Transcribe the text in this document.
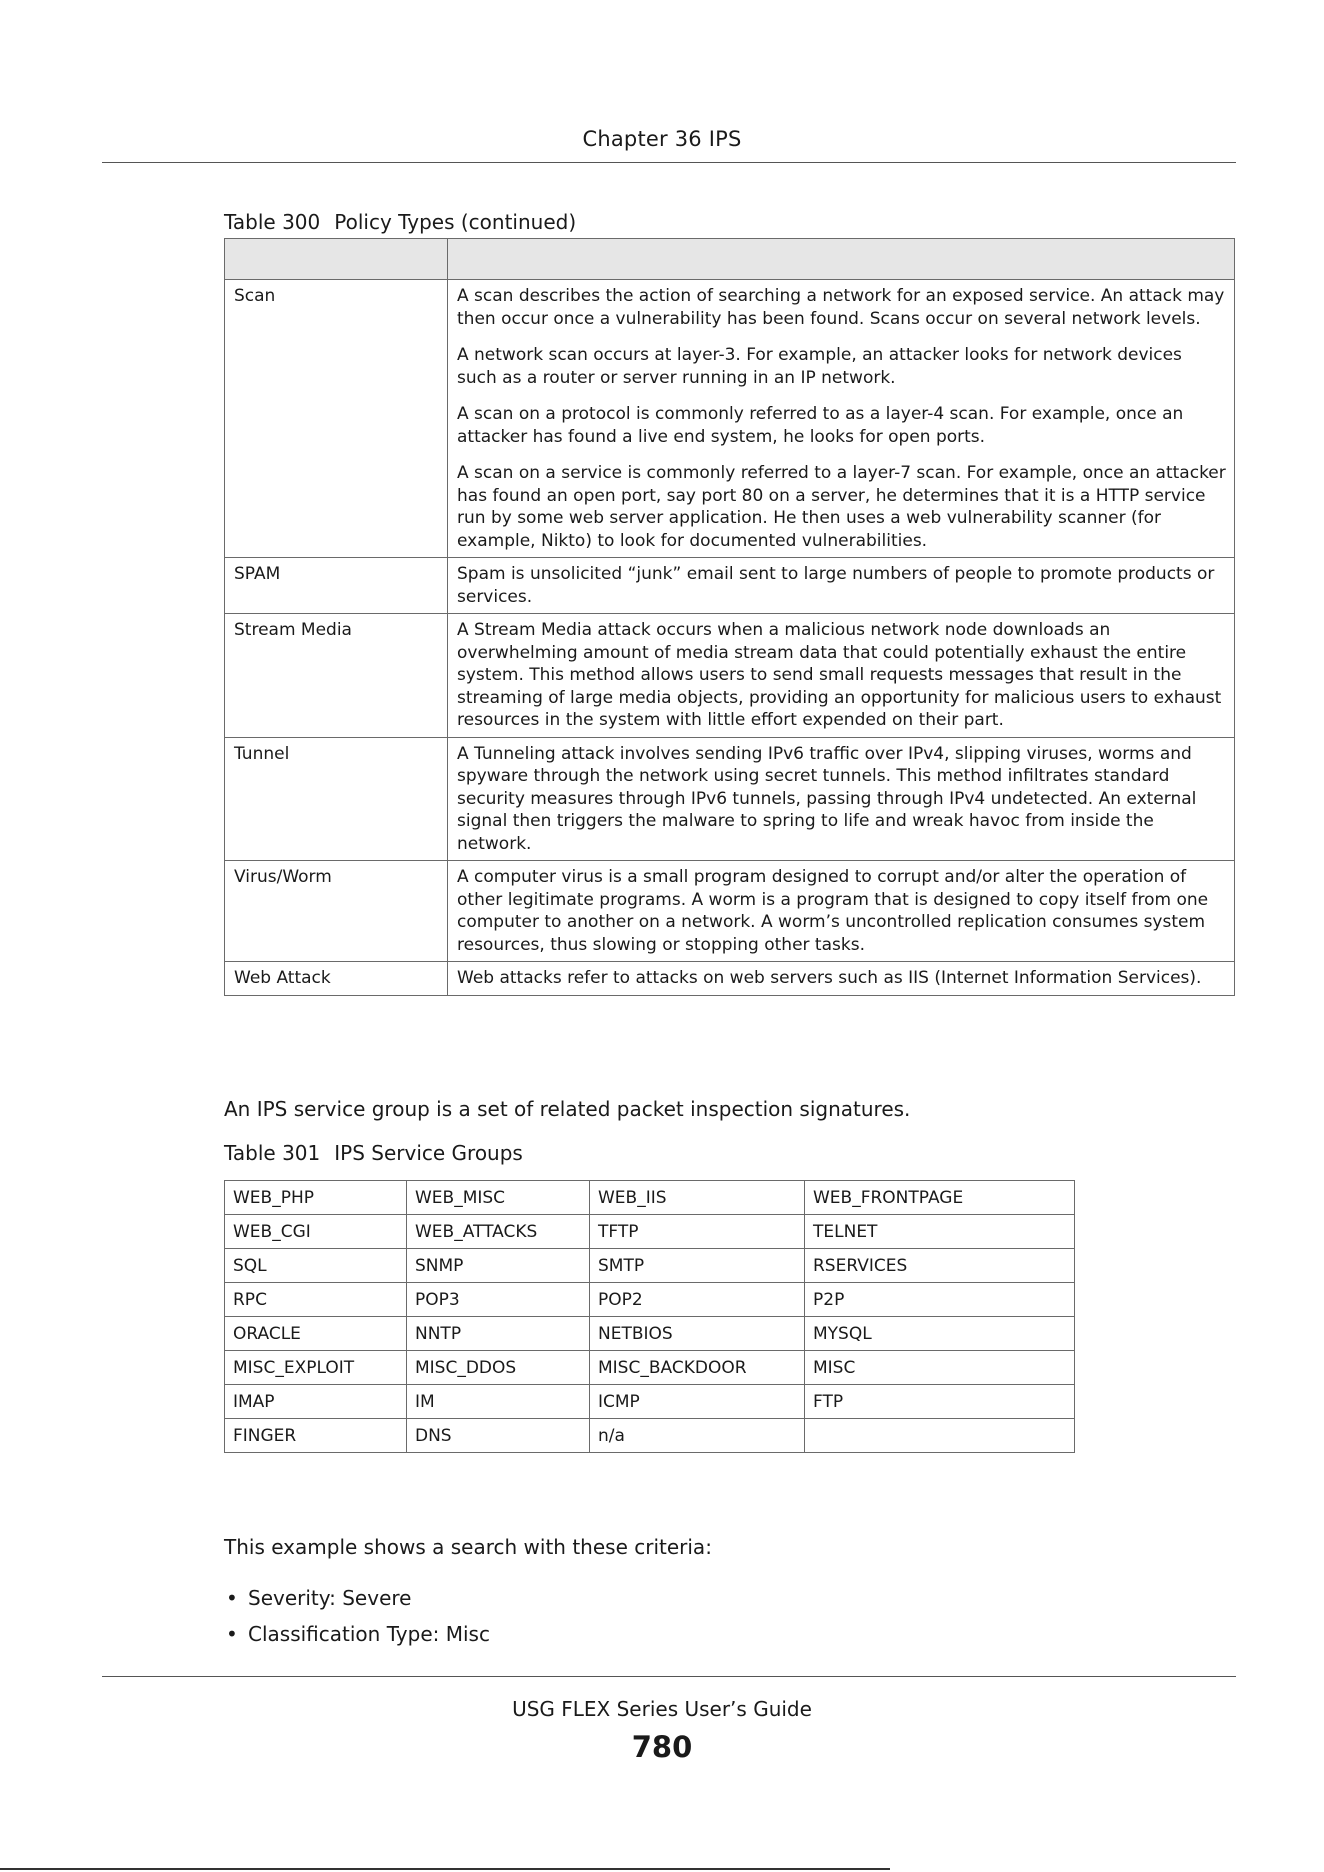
Chapter 36 IPS
Table 300 Policy Types (continued)

Scan	A scan describes the action of searching a network for an exposed service. An attack may then occur once a vulnerability has been found. Scans occur on several network levels.

A network scan occurs at layer-3. For example, an attacker looks for network devices such as a router or server running in an IP network.

A scan on a protocol is commonly referred to as a layer-4 scan. For example, once an attacker has found a live end system, he looks for open ports.

A scan on a service is commonly referred to a layer-7 scan. For example, once an attacker has found an open port, say port 80 on a server, he determines that it is a HTTP service run by some web server application. He then uses a web vulnerability scanner (for example, Nikto) to look for documented vulnerabilities.

SPAM	Spam is unsolicited “junk” email sent to large numbers of people to promote products or services.

Stream Media	A Stream Media attack occurs when a malicious network node downloads an overwhelming amount of media stream data that could potentially exhaust the entire system. This method allows users to send small requests messages that result in the streaming of large media objects, providing an opportunity for malicious users to exhaust resources in the system with little effort expended on their part.

Tunnel	A Tunneling attack involves sending IPv6 traffic over IPv4, slipping viruses, worms and spyware through the network using secret tunnels. This method infiltrates standard security measures through IPv6 tunnels, passing through IPv4 undetected. An external signal then triggers the malware to spring to life and wreak havoc from inside the network.

Virus/Worm	A computer virus is a small program designed to corrupt and/or alter the operation of other legitimate programs. A worm is a program that is designed to copy itself from one computer to another on a network. A worm’s uncontrolled replication consumes system resources, thus slowing or stopping other tasks.

Web Attack	Web attacks refer to attacks on web servers such as IIS (Internet Information Services).

An IPS service group is a set of related packet inspection signatures.
Table 301 IPS Service Groups
WEB_PHP	WEB_MISC	WEB_IIS	WEB_FRONTPAGE
WEB_CGI	WEB_ATTACKS	TFTP	TELNET
SQL	SNMP	SMTP	RSERVICES
RPC	POP3	POP2	P2P
ORACLE	NNTP	NETBIOS	MYSQL
MISC_EXPLOIT	MISC_DDOS	MISC_BACKDOOR	MISC
IMAP	IM	ICMP	FTP
FINGER	DNS	n/a	
This example shows a search with these criteria:
• Severity: Severe
• Classification Type: Misc
USG FLEX Series User’s Guide
780
